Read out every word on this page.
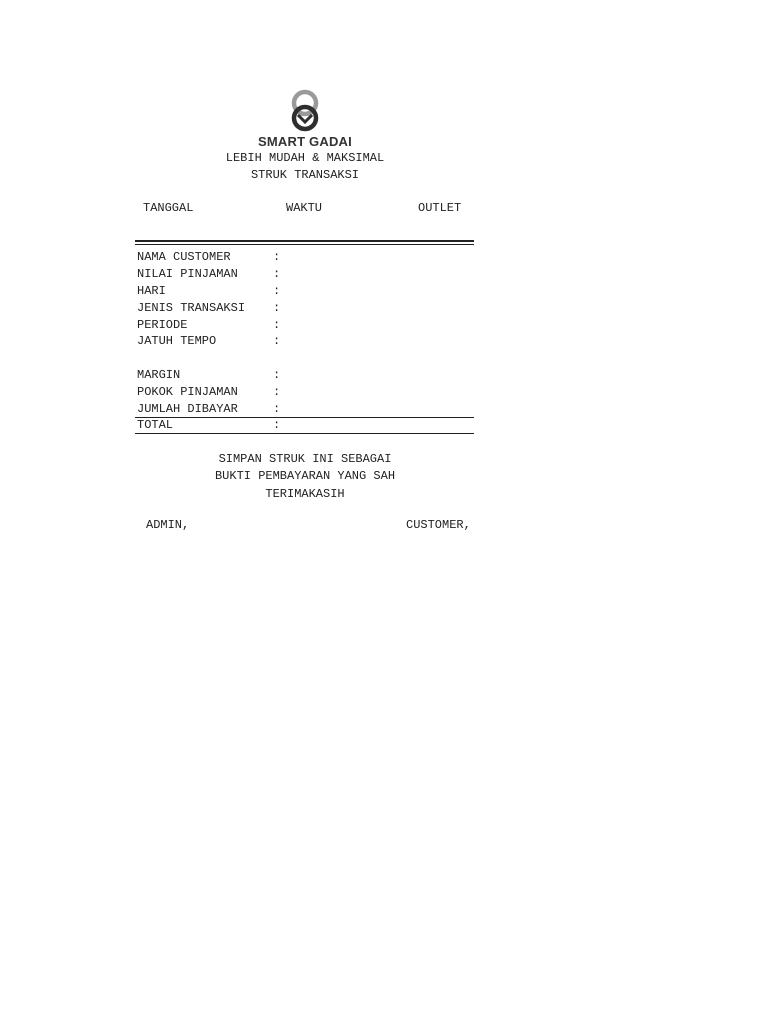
SMART GADAI
LEBIH MUDAH & MAKSIMAL
STRUK TRANSAKSI
TANGGAL	WAKTU	OUTLET
NAMA CUSTOMER	:
NILAI PINJAMAN	:
HARI	:
JENIS TRANSAKSI :
PERIODE	:
JATUH TEMPO	:
MARGIN	:
POKOK PINJAMAN	:
JUMLAH DIBAYAR	:
TOTAL	:
SIMPAN STRUK INI SEBAGAI
BUKTI PEMBAYARAN YANG SAH
TERIMAKASIH
ADMIN,	CUSTOMER,
